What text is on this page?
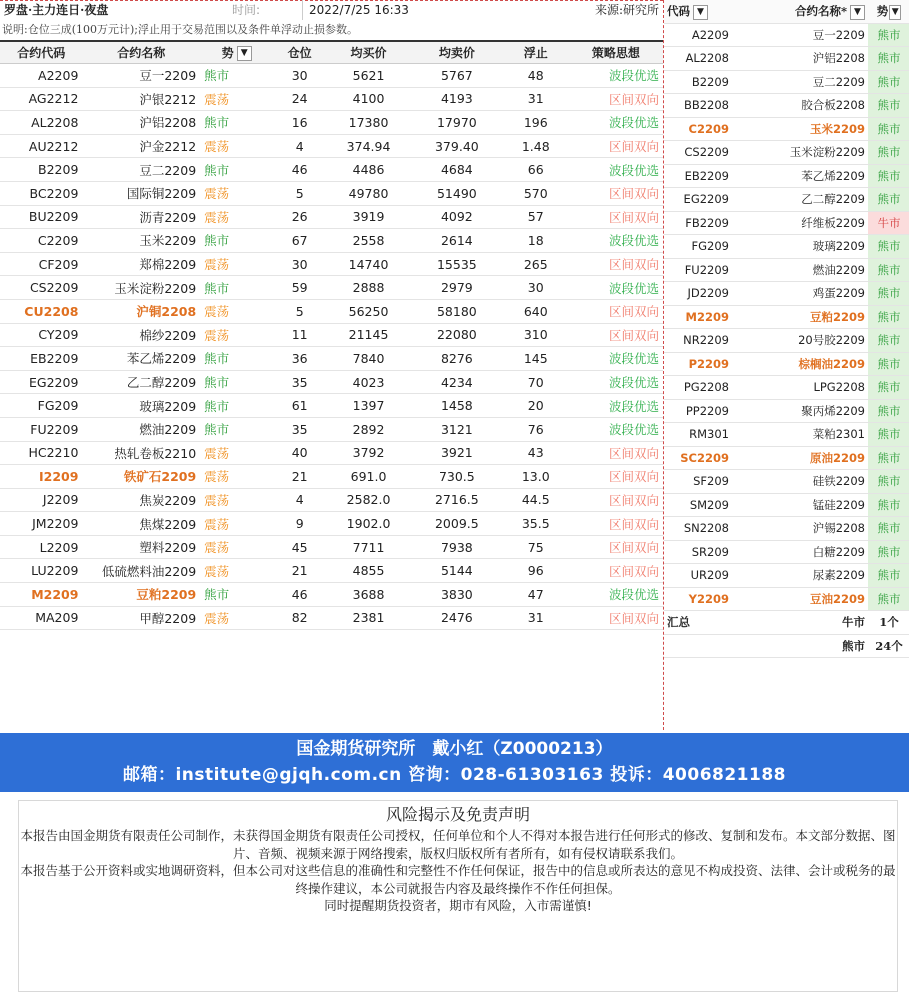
罗盘·主力连日·夜盘	时间:	2022/7/25 16:33	来源:研究所
说明:仓位三成(100万元计);浮止用于交易范围以及条件单浮动止损参数。
合约代码	合约名称	势 ▼	仓位	均买价	均卖价	浮止	策略思想
A2209	豆一2209	熊市	30	5621	5767	48	波段优选
AG2212	沪银2212	震荡	24	4100	4193	31	区间双向
AL2208	沪铝2208	熊市	16	17380	17970	196	波段优选
AU2212	沪金2212	震荡	4	374.94	379.40	1.48	区间双向
B2209	豆二2209	熊市	46	4486	4684	66	波段优选
BC2209	国际铜2209	震荡	5	49780	51490	570	区间双向
BU2209	沥青2209	震荡	26	3919	4092	57	区间双向
C2209	玉米2209	熊市	67	2558	2614	18	波段优选
CF209	郑棉2209	震荡	30	14740	15535	265	区间双向
CS2209	玉米淀粉2209	熊市	59	2888	2979	30	波段优选
CU2208	沪铜2208	震荡	5	56250	58180	640	区间双向
CY209	棉纱2209	震荡	11	21145	22080	310	区间双向
EB2209	苯乙烯2209	熊市	36	7840	8276	145	波段优选
EG2209	乙二醇2209	熊市	35	4023	4234	70	波段优选
FG209	玻璃2209	熊市	61	1397	1458	20	波段优选
FU2209	燃油2209	熊市	35	2892	3121	76	波段优选
HC2210	热轧卷板2210	震荡	40	3792	3921	43	区间双向
I2209	铁矿石2209	震荡	21	691.0	730.5	13.0	区间双向
J2209	焦炭2209	震荡	4	2582.0	2716.5	44.5	区间双向
JM2209	焦煤2209	震荡	9	1902.0	2009.5	35.5	区间双向
L2209	塑料2209	震荡	45	7711	7938	75	区间双向
LU2209	低硫燃料油2209	震荡	21	4855	5144	96	区间双向
M2209	豆粕2209	熊市	46	3688	3830	47	波段优选
MA209	甲醇2209	震荡	82	2381	2476	31	区间双向
代码 ▼	合约名称* ▼	势 ▼
A2209	豆一2209	熊市
AL2208	沪铝2208	熊市
B2209	豆二2209	熊市
BB2208	胶合板2208	熊市
C2209	玉米2209	熊市
CS2209	玉米淀粉2209	熊市
EB2209	苯乙烯2209	熊市
EG2209	乙二醇2209	熊市
FB2209	纤维板2209	牛市
FG209	玻璃2209	熊市
FU2209	燃油2209	熊市
JD2209	鸡蛋2209	熊市
M2209	豆粕2209	熊市
NR2209	20号胶2209	熊市
P2209	棕榈油2209	熊市
PG2208	LPG2208	熊市
PP2209	聚丙烯2209	熊市
RM301	菜粕2301	熊市
SC2209	原油2209	熊市
SF209	硅铁2209	熊市
SM209	锰硅2209	熊市
SN2208	沪锡2208	熊市
SR209	白糖2209	熊市
UR209	尿素2209	熊市
Y2209	豆油2209	熊市
汇总	牛市	1个
	熊市	24个
国金期货研究所　戴小红（Z0000213）
邮箱：institute@gjqh.com.cn 咨询：028-61303163 投诉：4006821188
风险揭示及免责声明

本报告由国金期货有限责任公司制作，未获得国金期货有限责任公司授权，任何单位和个人不得对本报告进行任何形式的修改、复制和发布。本文部分数据、图片、音频、视频来源于网络搜索，版权归版权所有者所有，如有侵权请联系我们。

本报告基于公开资料或实地调研资料，但本公司对这些信息的准确性和完整性不作任何保证，报告中的信息或所表达的意见不构成投资、法律、会计或税务的最终操作建议，本公司就报告内容及最终操作不作任何担保。

同时提醒期货投资者，期市有风险，入市需谨慎!
